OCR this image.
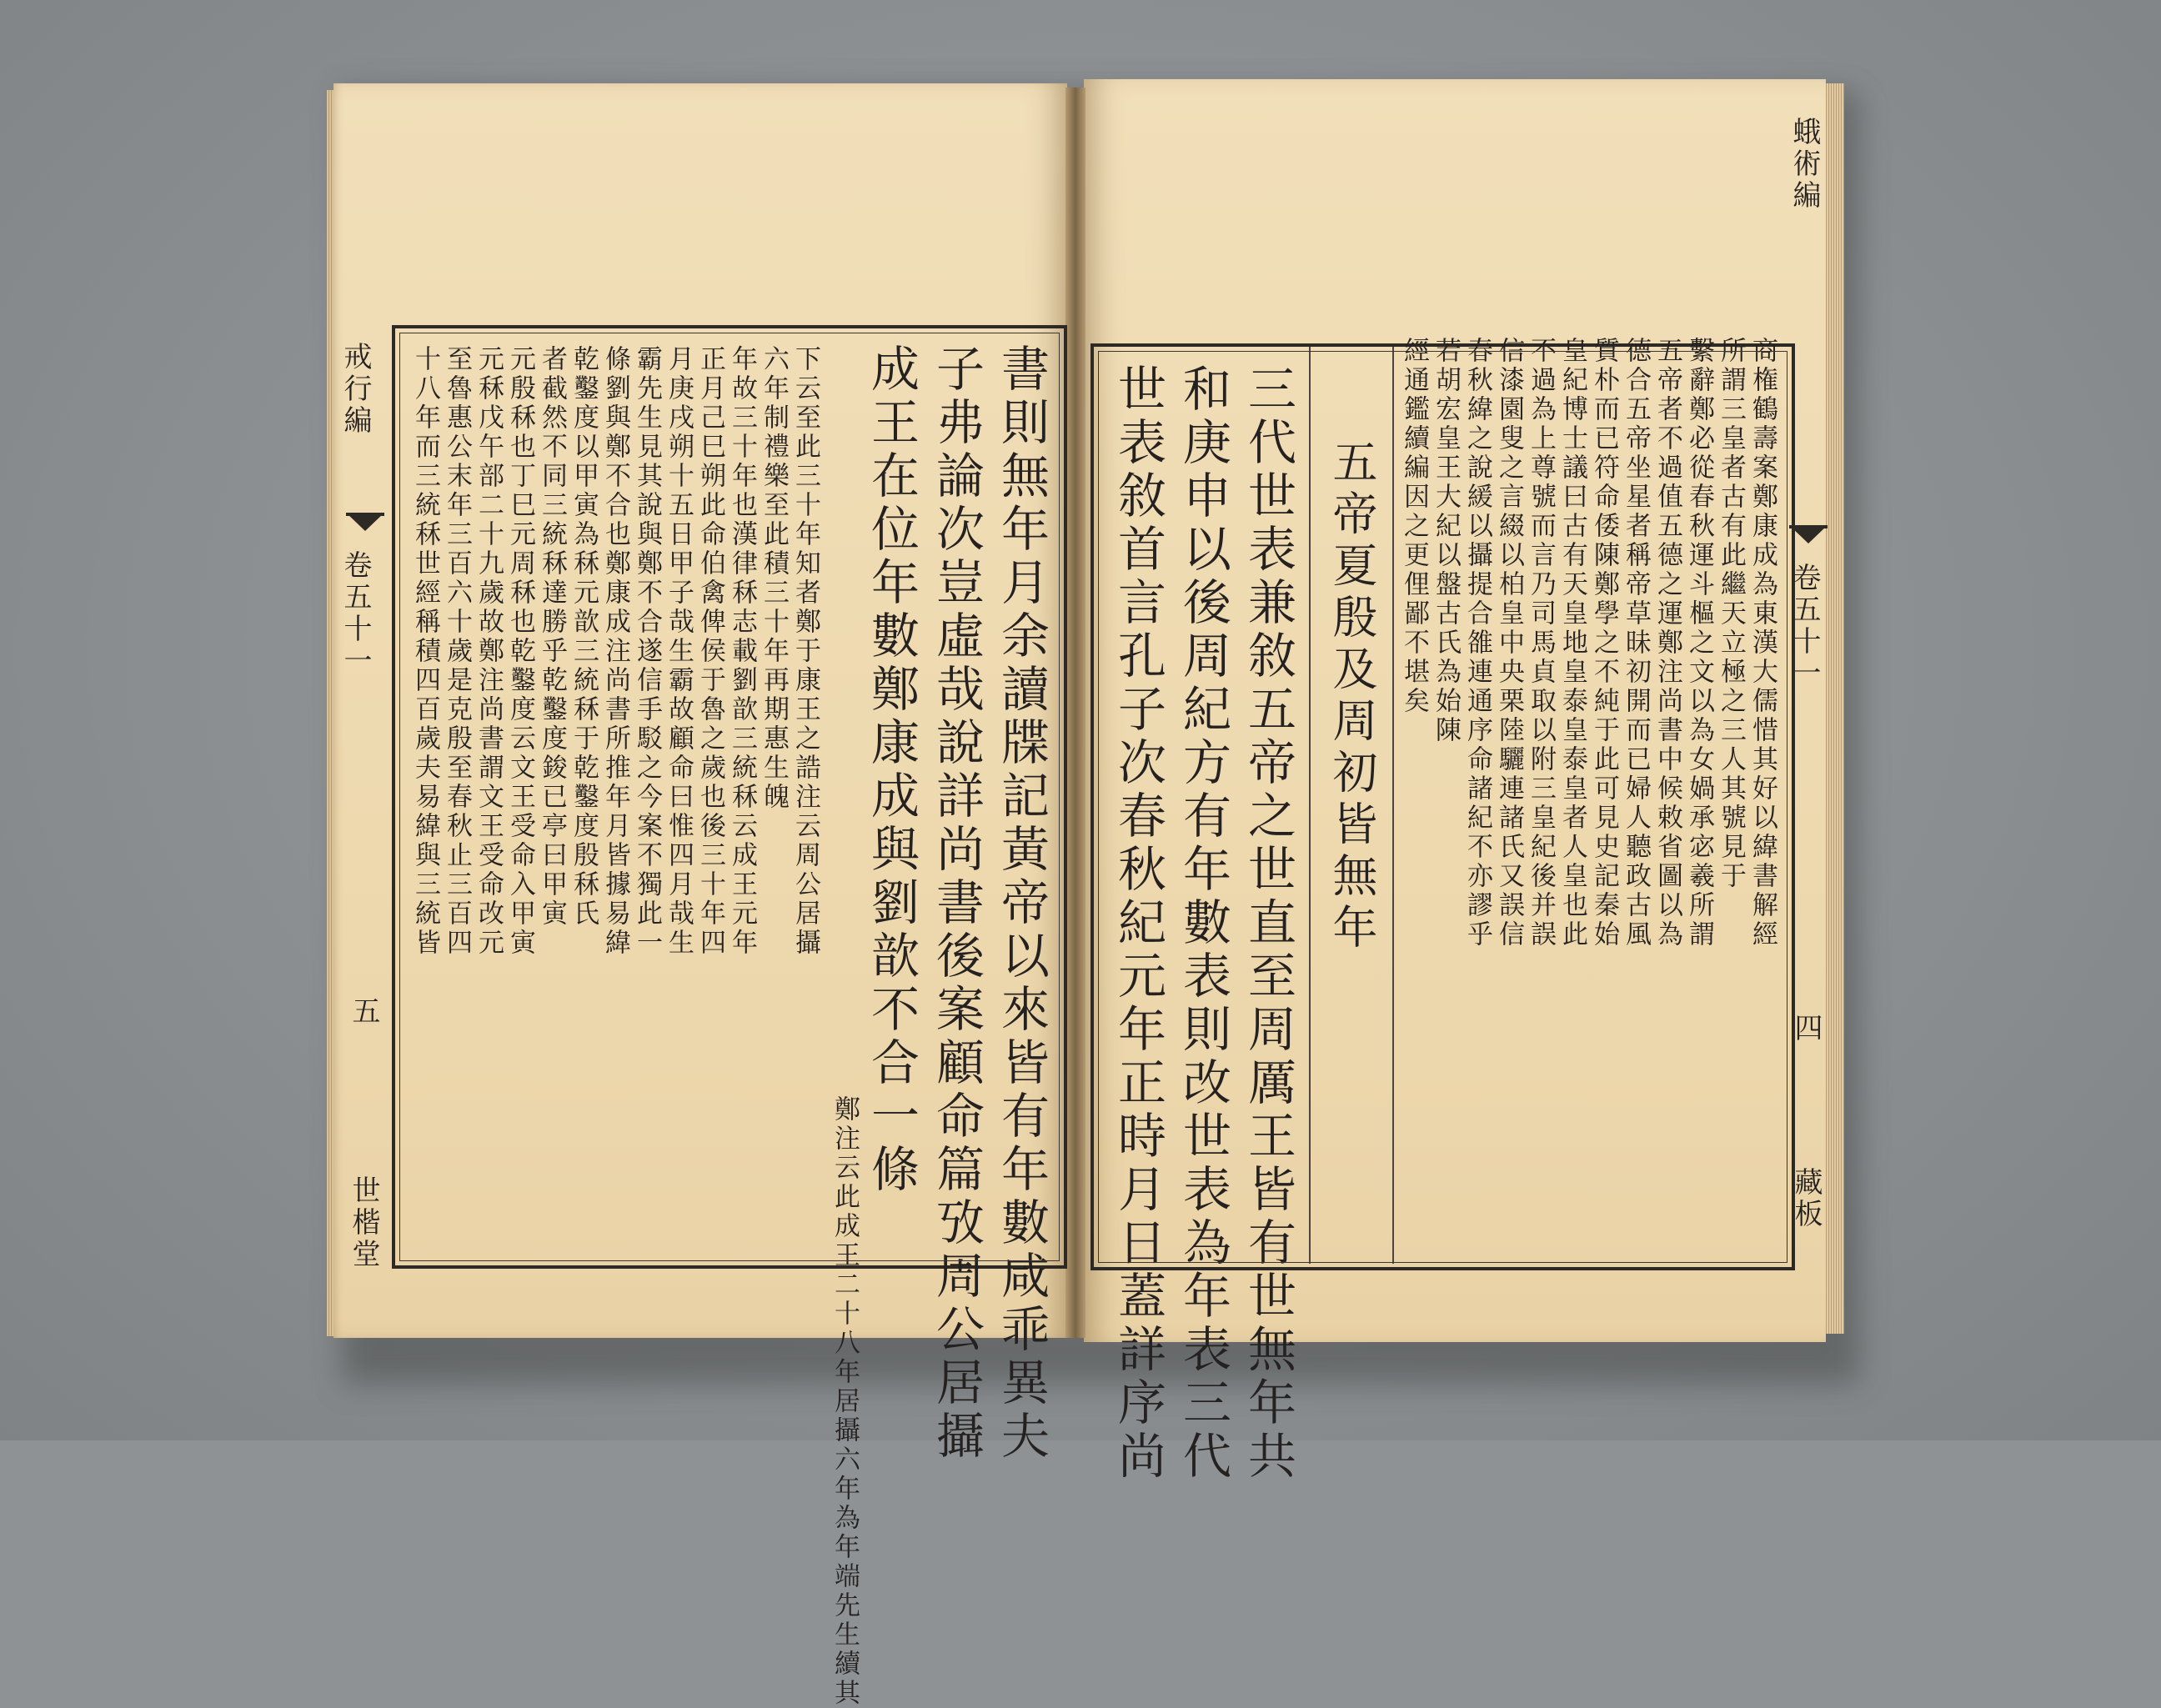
戒行編
卷五十一
五
世楷堂	書則無年月余讀牒記黃帝以來皆有年數咸乖異夫
子弗論次豈虛哉說詳尚書後案顧命篇攷周公居攝
成王在位年數鄭康成與劉歆不合一條
鄭注云此成王二十八年居攝六年為年端先生續其
下云至此三十年知者鄭于康王之誥注云周公居攝
六年制禮樂至此積三十年再期惠生魄
年故三十年也漢律秝志載劉歆三統秝云成王元年
正月己巳朔此命伯禽俾侯于魯之歲也後三十年四
月庚戌朔十五日甲子哉生霸故顧命曰惟四月哉生
霸先生見其說與鄭不合遂信手駁之今案不獨此一
條劉與鄭不合也鄭康成注尚書所推年月皆據易緯
乾鑿度以甲寅為秝元歆三統秝于乾鑿度殷秝氏
者截然不同三統秝達勝乎乾鑿度鋑已亭曰甲寅
元殷秝也丁巳元周秝也乾鑿度云文王受命入甲寅
元秝戊午部二十九歲故鄭注尚書謂文王受命改元
至魯惠公末年三百六十歲是克殷至春秋止三百四
十八年而三統秝世經稱積四百歲夫易緯與三統皆
蛾術編
卷五十一
四
藏板
商権鶴壽案鄭康成為東漢大儒惜其好以緯書解經
所謂三皇者古有此繼天立極之三人其號見于
繫辭鄭必從春秋運斗樞之文以為女媧承宓羲所謂
五帝者不過值五德之運鄭注尚書中候敕省圖以為
德合五帝坐星者稱帝草昧初開而已婦人聽政古風
質朴而已符命倭陳鄭學之不純于此可見史記秦始
皇紀博士議曰古有天皇地皇泰皇泰皇者人皇也此
不過為上尊號而言乃司馬貞取以附三皇紀後并誤
信漆園叟之言綴以柏皇中央栗陸驪連諸氏又誤信
春秋緯之說緩以攝提合雒連通序命諸紀不亦謬乎
若胡宏皇王大紀以盤古氏為始陳
經通鑑續編因之更俚鄙不堪矣
五帝夏殷及周初皆無年
三代世表兼敘五帝之世直至周厲王皆有世無年共
和庚申以後周紀方有年數表則改世表為年表三代
世表敘首言孔子次春秋紀元年正時月日蓋詳序尚
